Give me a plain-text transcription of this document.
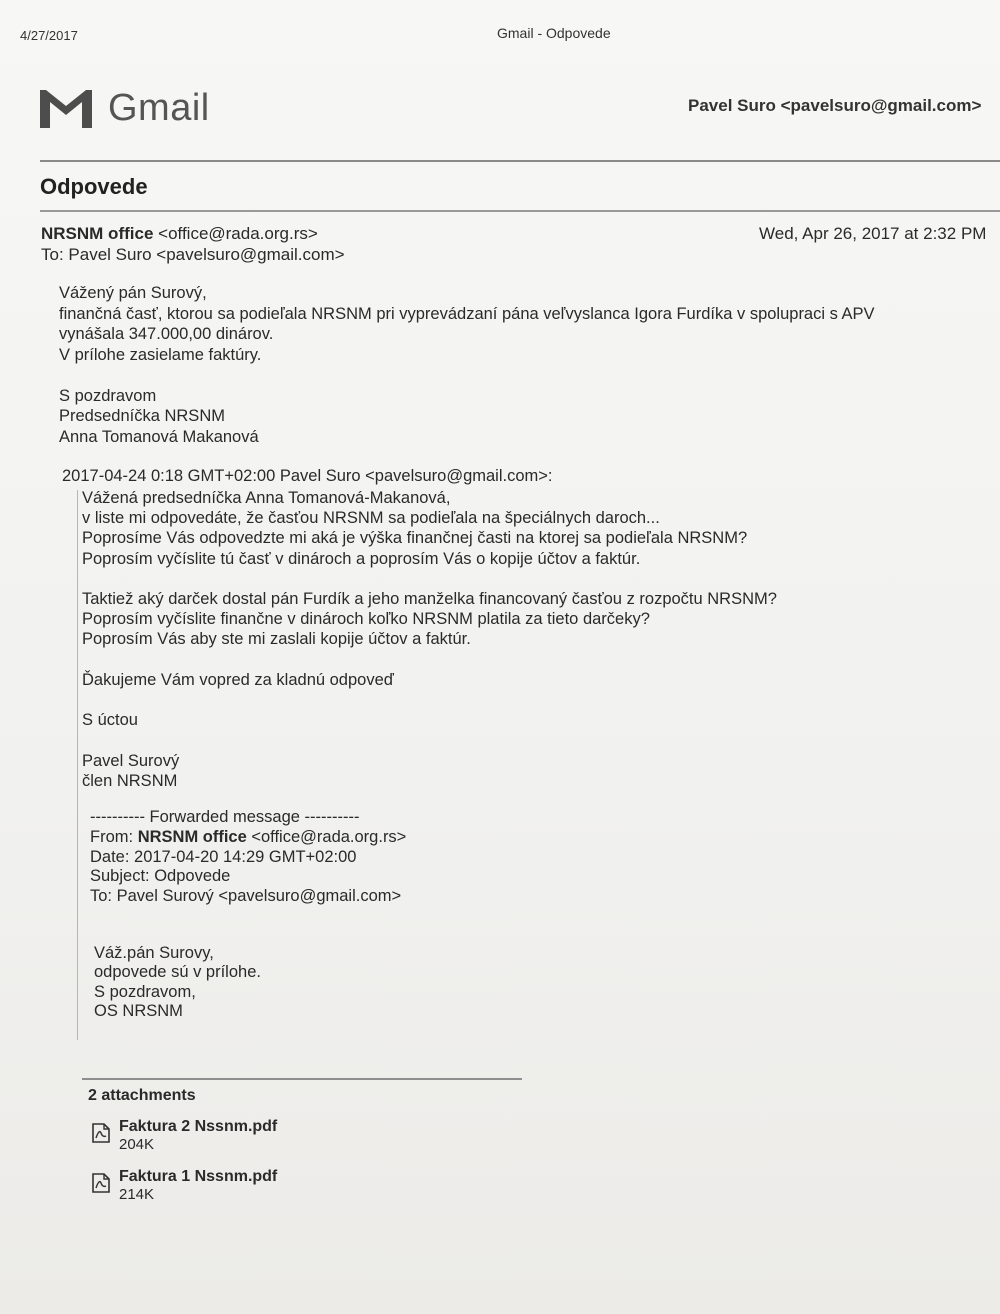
4/27/2017	Gmail - Odpovede
Gmail	Pavel Suro <pavelsuro@gmail.com>
Odpovede
NRSNM office <office@rada.org.rs>	Wed, Apr 26, 2017 at 2:32 PM
To: Pavel Suro <pavelsuro@gmail.com>
Vážený pán Surový,
finančná časť, ktorou sa podieľala NRSNM pri vyprevádzaní pána veľvyslanca Igora Furdíka v spolupraci s APV
vynášala 347.000,00 dinárov.
V prílohe zasielame faktúry.
S pozdravom
Predsedníčka NRSNM
Anna Tomanová Makanová
2017-04-24 0:18 GMT+02:00 Pavel Suro <pavelsuro@gmail.com>:
Vážená predsedníčka Anna Tomanová-Makanová,
v liste mi odpovedáte, že časťou NRSNM sa podieľala na špeciálnych daroch...
Poprosíme Vás odpovedzte mi aká je výška finančnej časti na ktorej sa podieľala NRSNM?
Poprosím vyčíslite tú časť v dinároch a poprosím Vás o kopije účtov a faktúr.
Taktiež aký darček dostal pán Furdík a jeho manželka financovaný časťou z rozpočtu NRSNM?
Poprosím vyčíslite finančne v dinároch koľko NRSNM platila za tieto darčeky?
Poprosím Vás aby ste mi zaslali kopije účtov a faktúr.
Ďakujeme Vám vopred za kladnú odpoveď
S úctou
Pavel Surový
člen NRSNM
---------- Forwarded message ----------
From: NRSNM office <office@rada.org.rs>
Date: 2017-04-20 14:29 GMT+02:00
Subject: Odpovede
To: Pavel Surový <pavelsuro@gmail.com>
Váž.pán Surovy,
odpovede sú v prílohe.
S pozdravom,
OS NRSNM
2 attachments
Faktura 2 Nssnm.pdf
204K
Faktura 1 Nssnm.pdf
214K
